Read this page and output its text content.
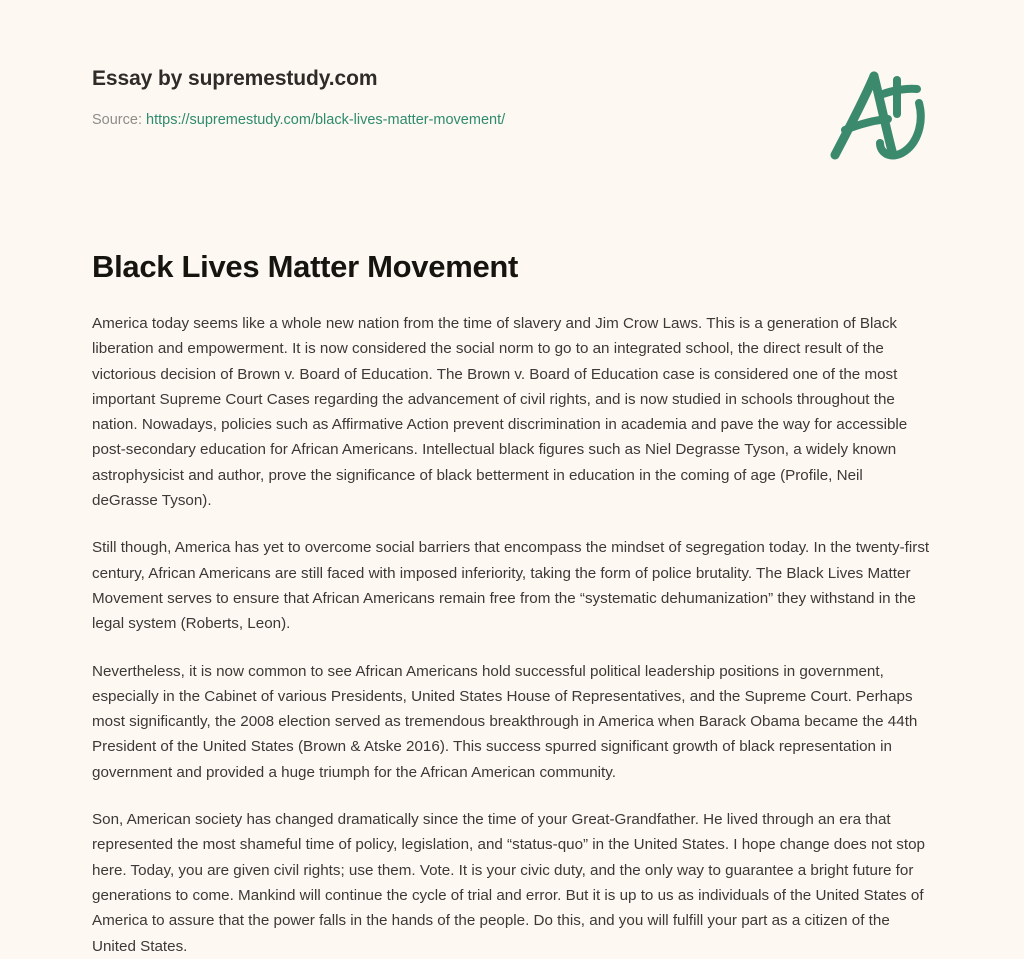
Essay by supremestudy.com
Source: https://supremestudy.com/black-lives-matter-movement/
Black Lives Matter Movement

America today seems like a whole new nation from the time of slavery and Jim Crow Laws. This is a generation of Black liberation and empowerment. It is now considered the social norm to go to an integrated school, the direct result of the victorious decision of Brown v. Board of Education. The Brown v. Board of Education case is considered one of the most important Supreme Court Cases regarding the advancement of civil rights, and is now studied in schools throughout the nation. Nowadays, policies such as Affirmative Action prevent discrimination in academia and pave the way for accessible post-secondary education for African Americans. Intellectual black figures such as Niel Degrasse Tyson, a widely known astrophysicist and author, prove the significance of black betterment in education in the coming of age (Profile, Neil deGrasse Tyson).

Still though, America has yet to overcome social barriers that encompass the mindset of segregation today. In the twenty-first century, African Americans are still faced with imposed inferiority, taking the form of police brutality. The Black Lives Matter Movement serves to ensure that African Americans remain free from the “systematic dehumanization” they withstand in the legal system (Roberts, Leon).

Nevertheless, it is now common to see African Americans hold successful political leadership positions in government, especially in the Cabinet of various Presidents, United States House of Representatives, and the Supreme Court. Perhaps most significantly, the 2008 election served as tremendous breakthrough in America when Barack Obama became the 44th President of the United States (Brown & Atske 2016). This success spurred significant growth of black representation in government and provided a huge triumph for the African American community.

Son, American society has changed dramatically since the time of your Great-Grandfather. He lived through an era that represented the most shameful time of policy, legislation, and “status-quo” in the United States. I hope change does not stop here. Today, you are given civil rights; use them. Vote. It is your civic duty, and the only way to guarantee a bright future for generations to come. Mankind will continue the cycle of trial and error. But it is up to us as individuals of the United States of America to assure that the power falls in the hands of the people. Do this, and you will fulfill your part as a citizen of the United States.
